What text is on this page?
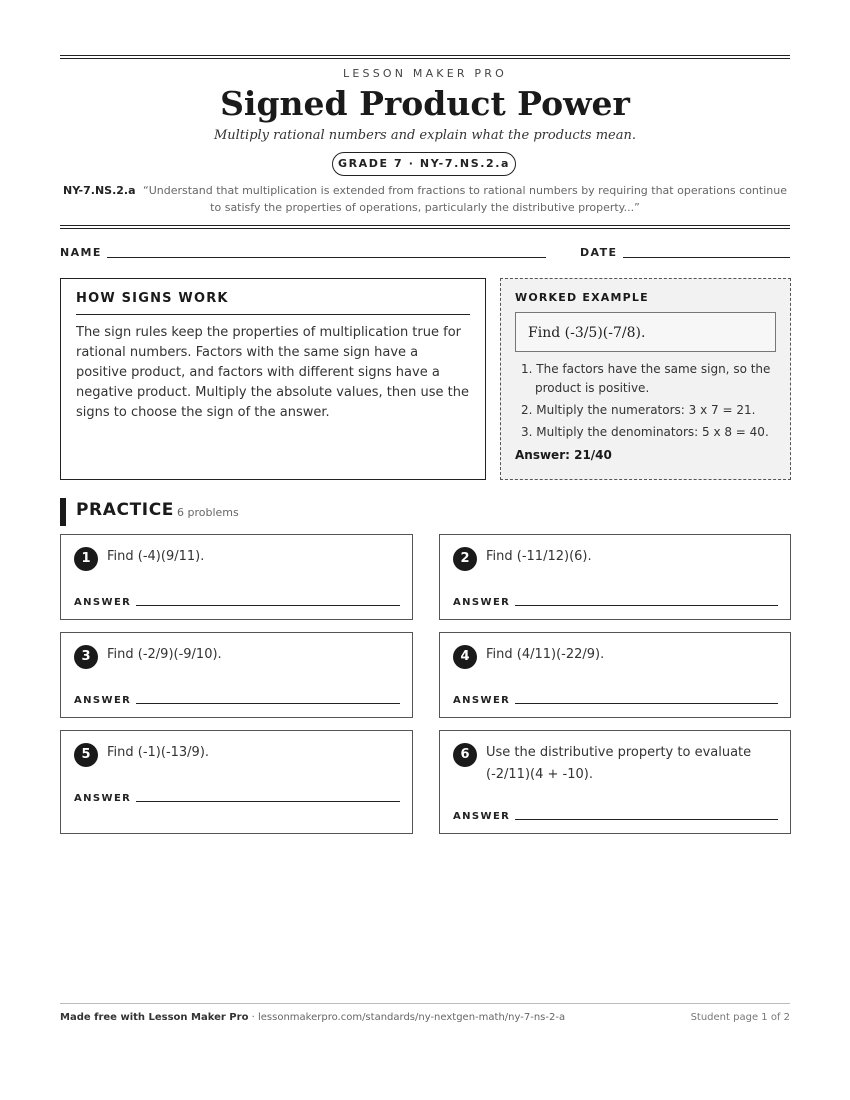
LESSON MAKER PRO
Signed Product Power
Multiply rational numbers and explain what the products mean.
GRADE 7 · NY-7.NS.2.a
NY-7.NS.2.a “Understand that multiplication is extended from fractions to rational numbers by requiring that operations continue to satisfy the properties of operations, particularly the distributive property...”
NAME	DATE
HOW SIGNS WORK

The sign rules keep the properties of multiplication true for rational numbers. Factors with the same sign have a positive product, and factors with different signs have a negative product. Multiply the absolute values, then use the signs to choose the sign of the answer.

WORKED EXAMPLE
Find (-3/5)(-7/8).
1. The factors have the same sign, so the product is positive.
2. Multiply the numerators: 3 x 7 = 21.
3. Multiply the denominators: 5 x 8 = 40.
Answer: 21/40
PRACTICE 6 problems
1	Find (-4)(9/11).
ANSWER
2	Find (-11/12)(6).
ANSWER
3	Find (-2/9)(-9/10).
ANSWER
4	Find (4/11)(-22/9).
ANSWER
5	Find (-1)(-13/9).
ANSWER
6	Use the distributive property to evaluate (-2/11)(4 + -10).
ANSWER
Made free with Lesson Maker Pro · lessonmakerpro.com/standards/ny-nextgen-math/ny-7-ns-2-a	Student page 1 of 2
